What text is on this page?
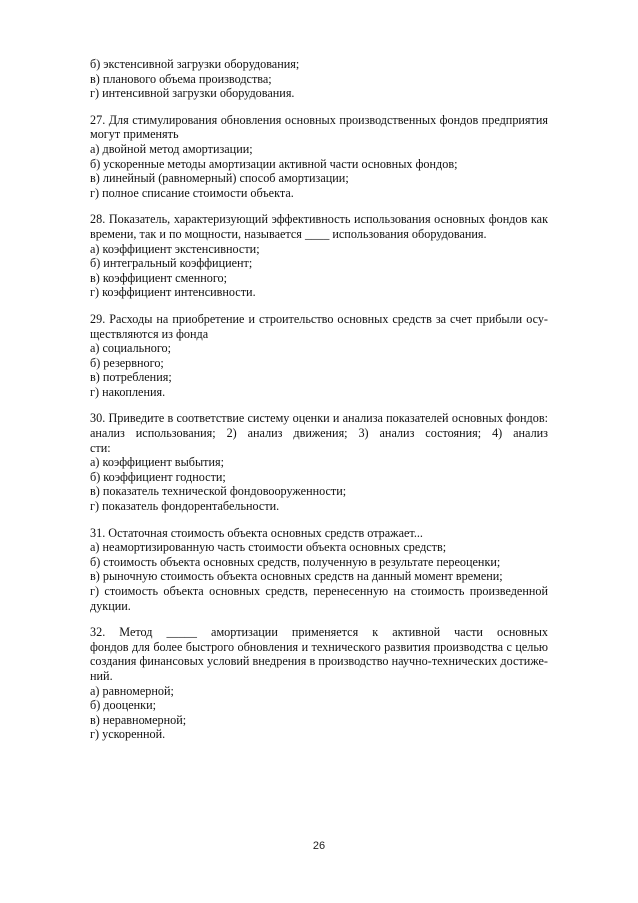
б) экстенсивной загрузки оборудования;
в) планового объема производства;
г) интенсивной загрузки оборудования.
27. Для стимулирования обновления основных производственных фондов предприятия
могут применять
а) двойной метод амортизации;
б) ускоренные методы амортизации активной части основных фондов;
в) линейный (равномерный) способ амортизации;
г) полное списание стоимости объекта.
28. Показатель, характеризующий эффективность использования основных фондов как
времени, так и по мощности, называется ____ использования оборудования.
а) коэффициент экстенсивности;
б) интегральный коэффициент;
в) коэффициент сменного;
г) коэффициент интенсивности.
29. Расходы на приобретение и строительство основных средств за счет прибыли осу-
ществляются из фонда
а) социального;
б) резервного;
в) потребления;
г) накопления.
30. Приведите в соответствие систему оценки и анализа показателей основных фондов:
анализ использования; 2) анализ движения; 3) анализ состояния; 4) анализ
сти:
а) коэффициент выбытия;
б) коэффициент годности;
в) показатель технической фондовооруженности;
г) показатель фондорентабельности.
31. Остаточная стоимость объекта основных средств отражает...
а) неамортизированную часть стоимости объекта основных средств;
б) стоимость объекта основных средств, полученную в результате переоценки;
в) рыночную стоимость объекта основных средств на данный момент времени;
г) стоимость объекта основных средств, перенесенную на стоимость произведенной
дукции.
32. Метод _____ амортизации применяется к активной части основных
фондов для более быстрого обновления и технического развития производства с целью
создания финансовых условий внедрения в производство научно-технических достиже-
ний.
а) равномерной;
б) дооценки;
в) неравномерной;
г) ускоренной.
26
